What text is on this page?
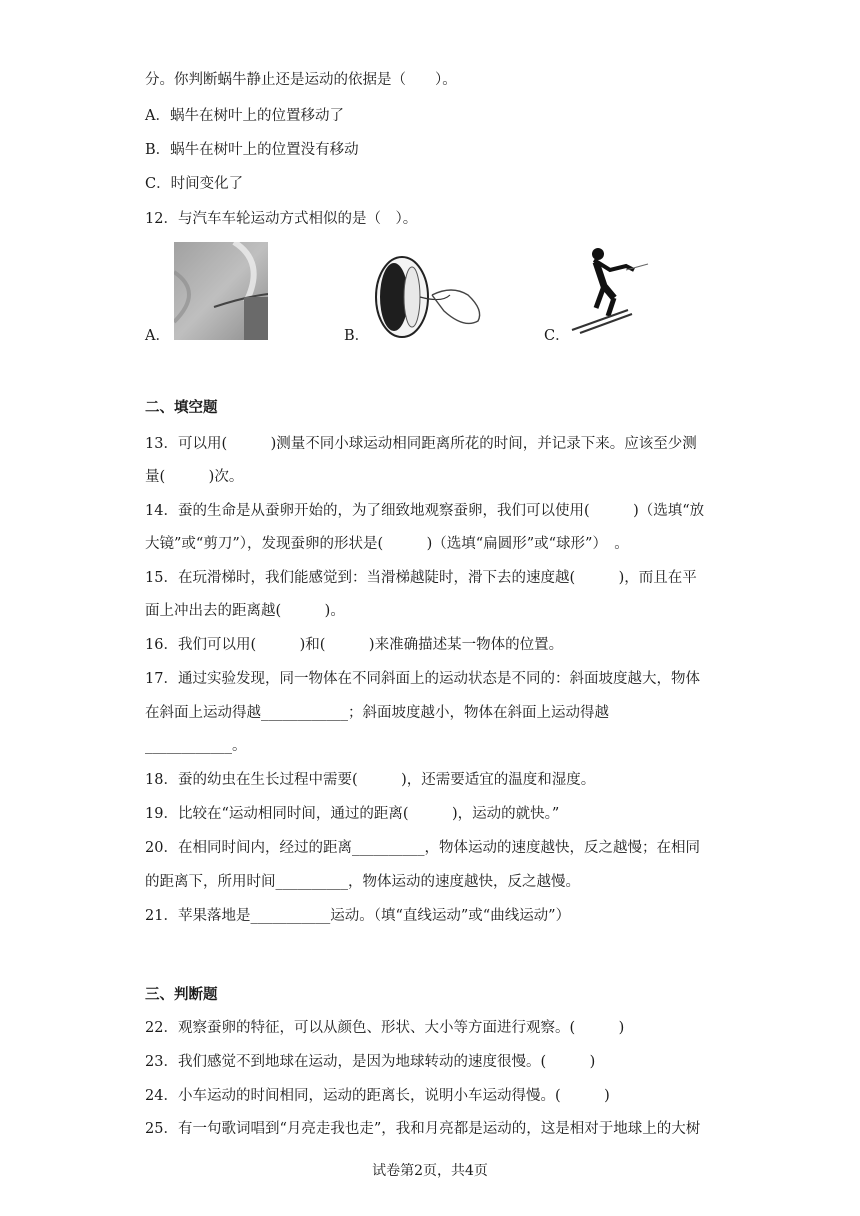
分。你判断蜗牛静止还是运动的依据是（　　）。
A．蜗牛在树叶上的位置移动了
B．蜗牛在树叶上的位置没有移动
C．时间变化了
12．与汽车车轮运动方式相似的是（　）。
A．	B．	C．
二、填空题
13．可以用(　　　)测量不同小球运动相同距离所花的时间，并记录下来。应该至少测
量(　　　)次。
14．蚕的生命是从蚕卵开始的，为了细致地观察蚕卵，我们可以使用(　　　)（选填“放
大镜”或“剪刀”），发现蚕卵的形状是(　　　)（选填“扁圆形”或“球形”）　。
15．在玩滑梯时，我们能感觉到：当滑梯越陡时，滑下去的速度越(　　　)，而且在平
面上冲出去的距离越(　　　)。
16．我们可以用(　　　)和(　　　)来准确描述某一物体的位置。
17．通过实验发现，同一物体在不同斜面上的运动状态是不同的：斜面坡度越大，物体
在斜面上运动得越____________；斜面坡度越小，物体在斜面上运动得越
____________。
18．蚕的幼虫在生长过程中需要(　　　)，还需要适宜的温度和湿度。
19．比较在“运动相同时间，通过的距离(　　　)，运动的就快。”
20．在相同时间内，经过的距离__________，物体运动的速度越快，反之越慢；在相同
的距离下，所用时间__________，物体运动的速度越快，反之越慢。
21．苹果落地是___________运动。（填“直线运动”或“曲线运动”）
三、判断题
22．观察蚕卵的特征，可以从颜色、形状、大小等方面进行观察。(　　　)
23．我们感觉不到地球在运动，是因为地球转动的速度很慢。(　　　)
24．小车运动的时间相同，运动的距离长，说明小车运动得慢。(　　　)
25．有一句歌词唱到“月亮走我也走”，我和月亮都是运动的，这是相对于地球上的大树
试卷第2页，共4页
